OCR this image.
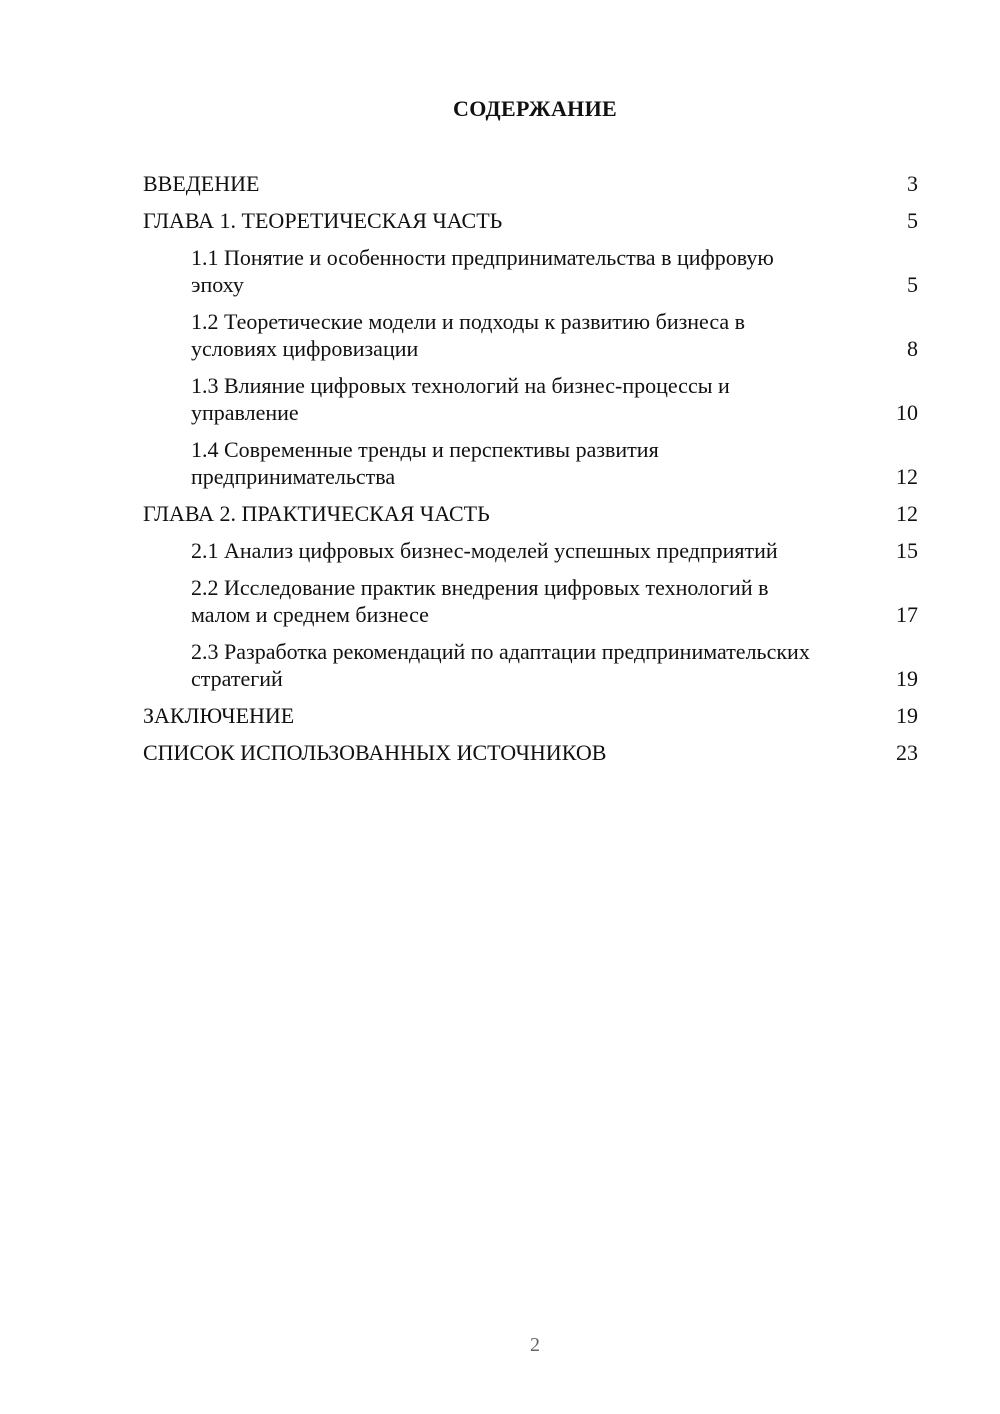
СОДЕРЖАНИЕ
ВВЕДЕНИЕ	3
ГЛАВА 1. ТЕОРЕТИЧЕСКАЯ ЧАСТЬ	5
1.1 Понятие и особенности предпринимательства в цифровую эпоху	5
1.2 Теоретические модели и подходы к развитию бизнеса в условиях цифровизации	8
1.3 Влияние цифровых технологий на бизнес-процессы и управление	10
1.4 Современные тренды и перспективы развития предпринимательства	12
ГЛАВА 2. ПРАКТИЧЕСКАЯ ЧАСТЬ	12
2.1 Анализ цифровых бизнес-моделей успешных предприятий	15
2.2 Исследование практик внедрения цифровых технологий в малом и среднем бизнесе	17
2.3 Разработка рекомендаций по адаптации предпринимательских стратегий	19
ЗАКЛЮЧЕНИЕ	19
СПИСОК ИСПОЛЬЗОВАННЫХ ИСТОЧНИКОВ	23
2
